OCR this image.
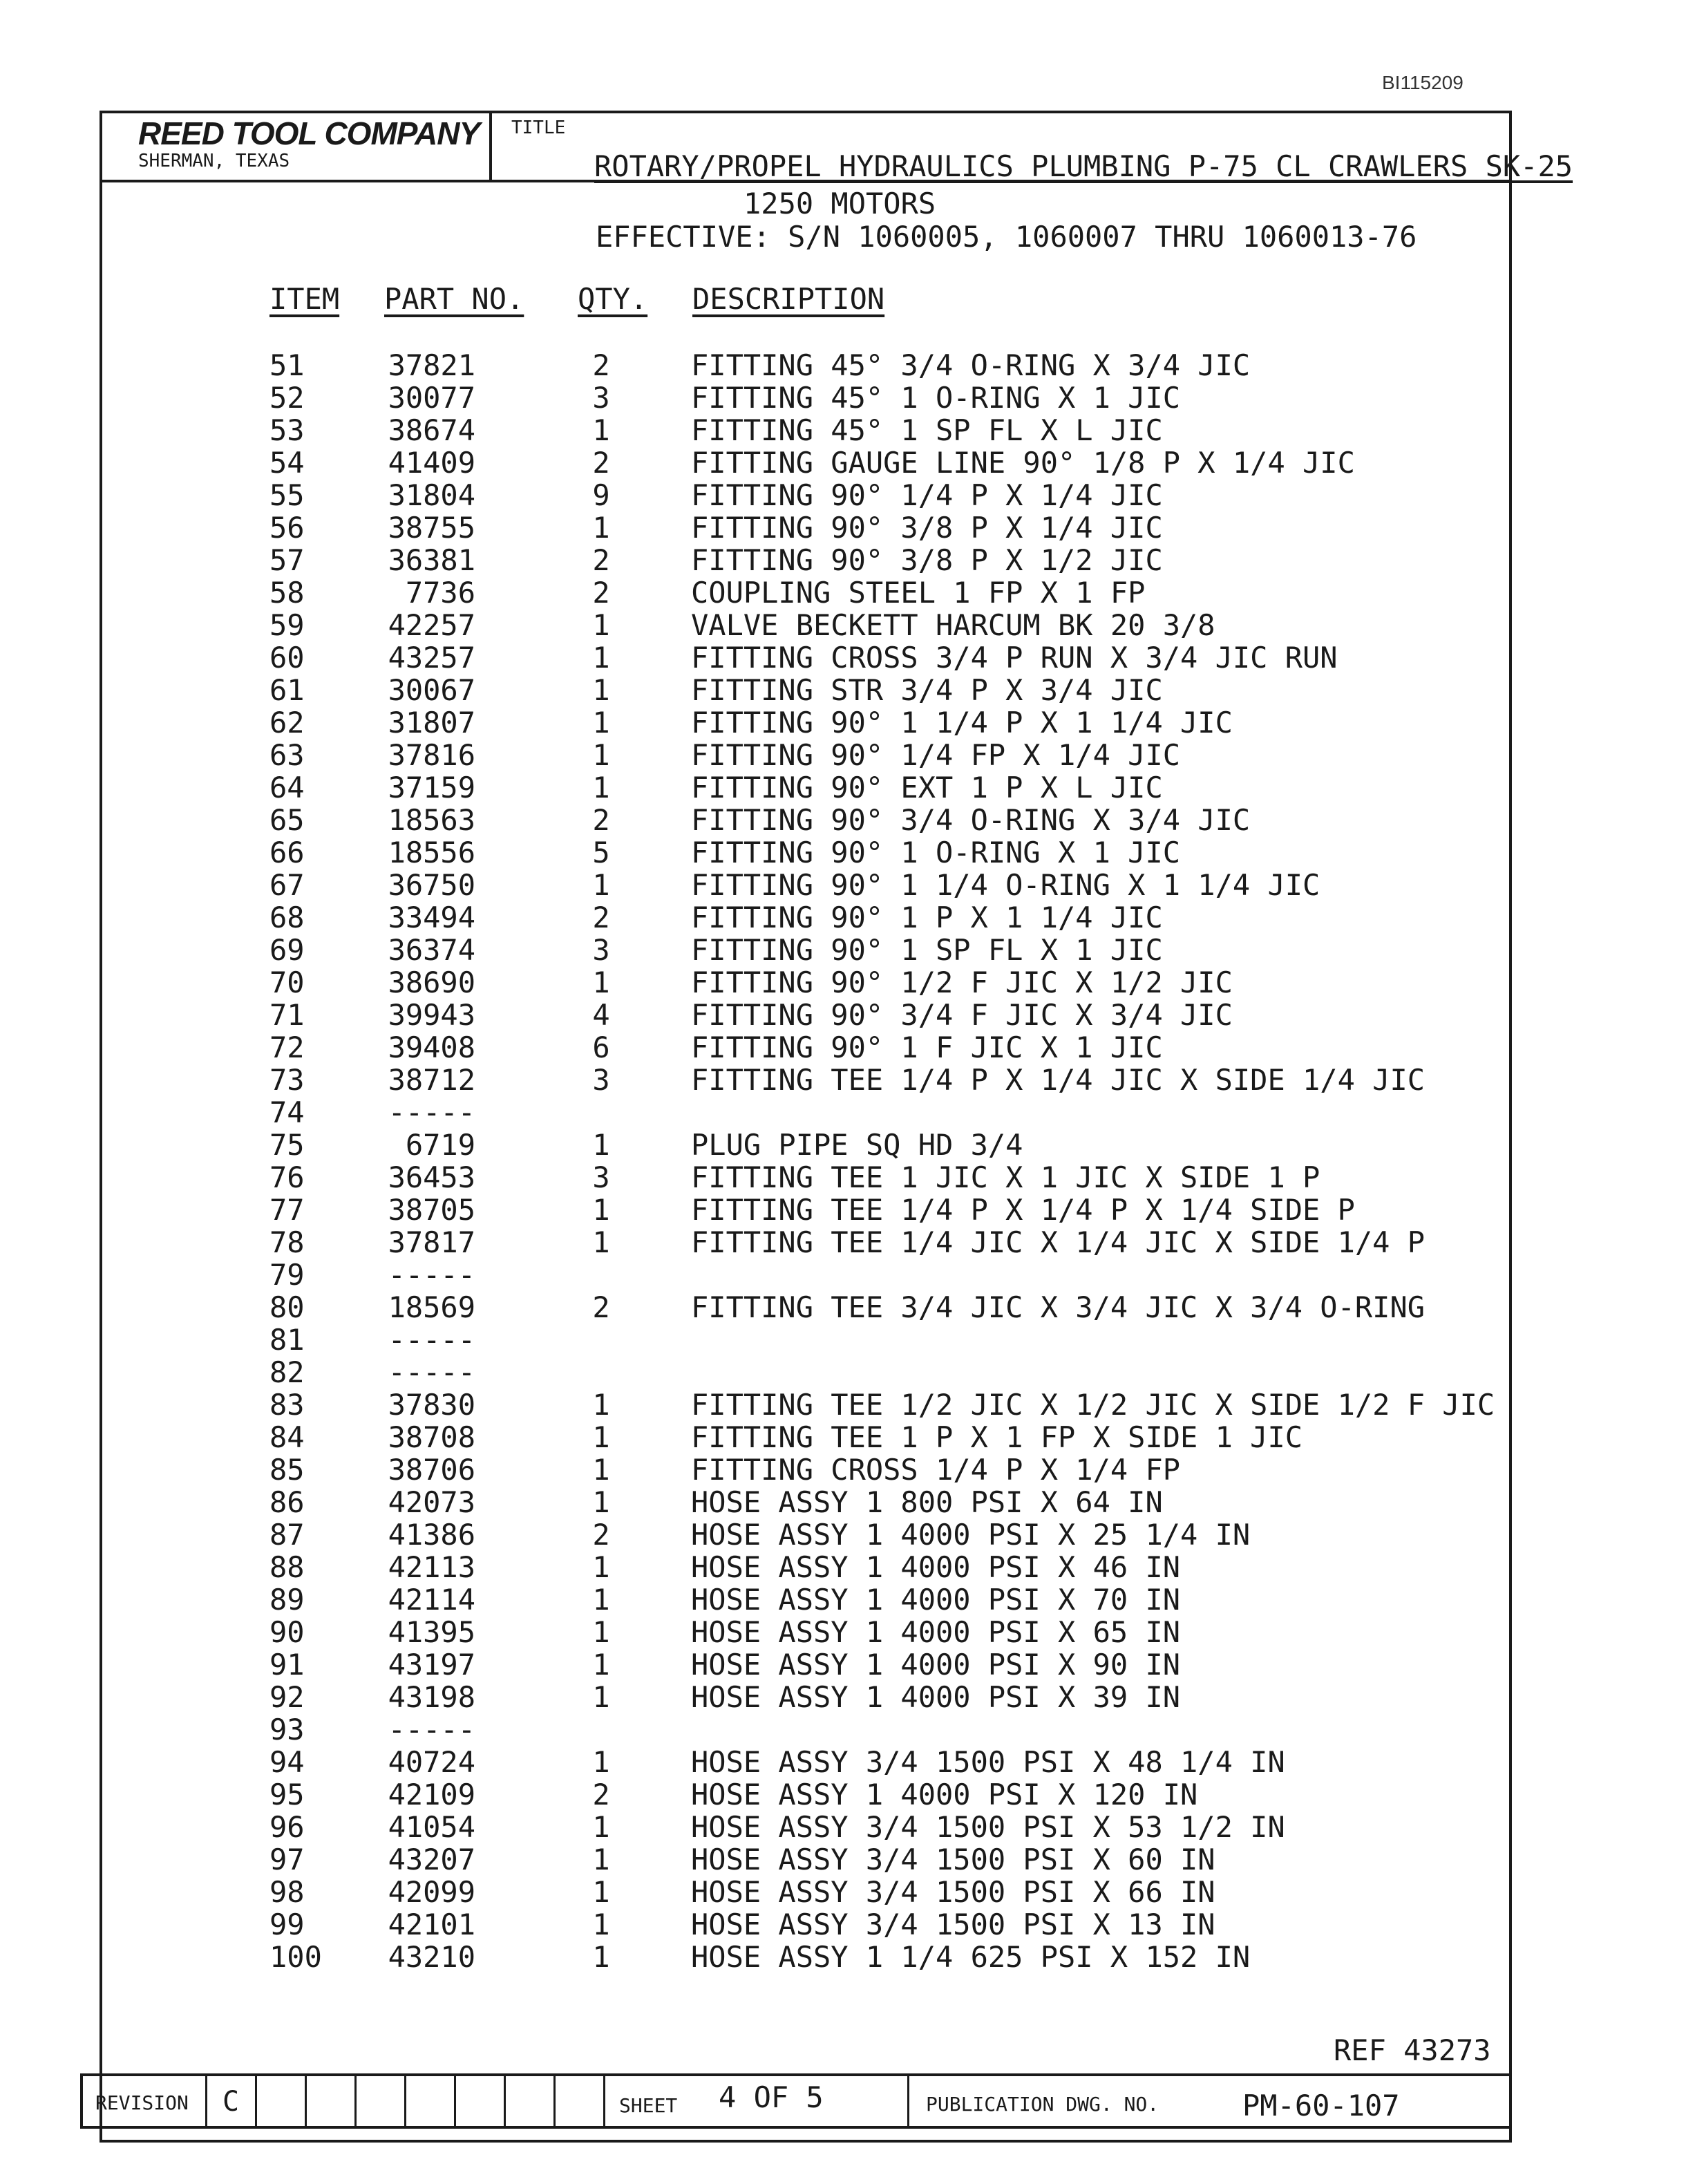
BI115209
REED TOOL COMPANY
SHERMAN, TEXAS
TITLE
ROTARY/PROPEL HYDRAULICS PLUMBING P-75 CL CRAWLERS SK-25
1250 MOTORS
EFFECTIVE: S/N 1060005, 1060007 THRU 1060013-76
ITEM PART NO. QTY. DESCRIPTION
51	37821	2	FITTING 45° 3/4 O-RING X 3/4 JIC
52	30077	3	FITTING 45° 1 O-RING X 1 JIC
53	38674	1	FITTING 45° 1 SP FL X L JIC
54	41409	2	FITTING GAUGE LINE 90° 1/8 P X 1/4 JIC
55	31804	9	FITTING 90° 1/4 P X 1/4 JIC
56	38755	1	FITTING 90° 3/8 P X 1/4 JIC
57	36381	2	FITTING 90° 3/8 P X 1/2 JIC
58	7736	2	COUPLING STEEL 1 FP X 1 FP
59	42257	1	VALVE BECKETT HARCUM BK 20 3/8
60	43257	1	FITTING CROSS 3/4 P RUN X 3/4 JIC RUN
61	30067	1	FITTING STR 3/4 P X 3/4 JIC
62	31807	1	FITTING 90° 1 1/4 P X 1 1/4 JIC
63	37816	1	FITTING 90° 1/4 FP X 1/4 JIC
64	37159	1	FITTING 90° EXT 1 P X L JIC
65	18563	2	FITTING 90° 3/4 O-RING X 3/4 JIC
66	18556	5	FITTING 90° 1 O-RING X 1 JIC
67	36750	1	FITTING 90° 1 1/4 O-RING X 1 1/4 JIC
68	33494	2	FITTING 90° 1 P X 1 1/4 JIC
69	36374	3	FITTING 90° 1 SP FL X 1 JIC
70	38690	1	FITTING 90° 1/2 F JIC X 1/2 JIC
71	39943	4	FITTING 90° 3/4 F JIC X 3/4 JIC
72	39408	6	FITTING 90° 1 F JIC X 1 JIC
73	38712	3	FITTING TEE 1/4 P X 1/4 JIC X SIDE 1/4 JIC
74	-----
75	6719	1	PLUG PIPE SQ HD 3/4
76	36453	3	FITTING TEE 1 JIC X 1 JIC X SIDE 1 P
77	38705	1	FITTING TEE 1/4 P X 1/4 P X 1/4 SIDE P
78	37817	1	FITTING TEE 1/4 JIC X 1/4 JIC X SIDE 1/4 P
79	-----
80	18569	2	FITTING TEE 3/4 JIC X 3/4 JIC X 3/4 O-RING
81	-----
82	-----
83	37830	1	FITTING TEE 1/2 JIC X 1/2 JIC X SIDE 1/2 F JIC
84	38708	1	FITTING TEE 1 P X 1 FP X SIDE 1 JIC
85	38706	1	FITTING CROSS 1/4 P X 1/4 FP
86	42073	1	HOSE ASSY 1 800 PSI X 64 IN
87	41386	2	HOSE ASSY 1 4000 PSI X 25 1/4 IN
88	42113	1	HOSE ASSY 1 4000 PSI X 46 IN
89	42114	1	HOSE ASSY 1 4000 PSI X 70 IN
90	41395	1	HOSE ASSY 1 4000 PSI X 65 IN
91	43197	1	HOSE ASSY 1 4000 PSI X 90 IN
92	43198	1	HOSE ASSY 1 4000 PSI X 39 IN
93	-----
94	40724	1	HOSE ASSY 3/4 1500 PSI X 48 1/4 IN
95	42109	2	HOSE ASSY 1 4000 PSI X 120 IN
96	41054	1	HOSE ASSY 3/4 1500 PSI X 53 1/2 IN
97	43207	1	HOSE ASSY 3/4 1500 PSI X 60 IN
98	42099	1	HOSE ASSY 3/4 1500 PSI X 66 IN
99	42101	1	HOSE ASSY 3/4 1500 PSI X 13 IN
100	43210	1	HOSE ASSY 1 1/4 625 PSI X 152 IN
REF 43273
REVISION C	SHEET 4 OF 5	PUBLICATION DWG. NO.	PM-60-107
